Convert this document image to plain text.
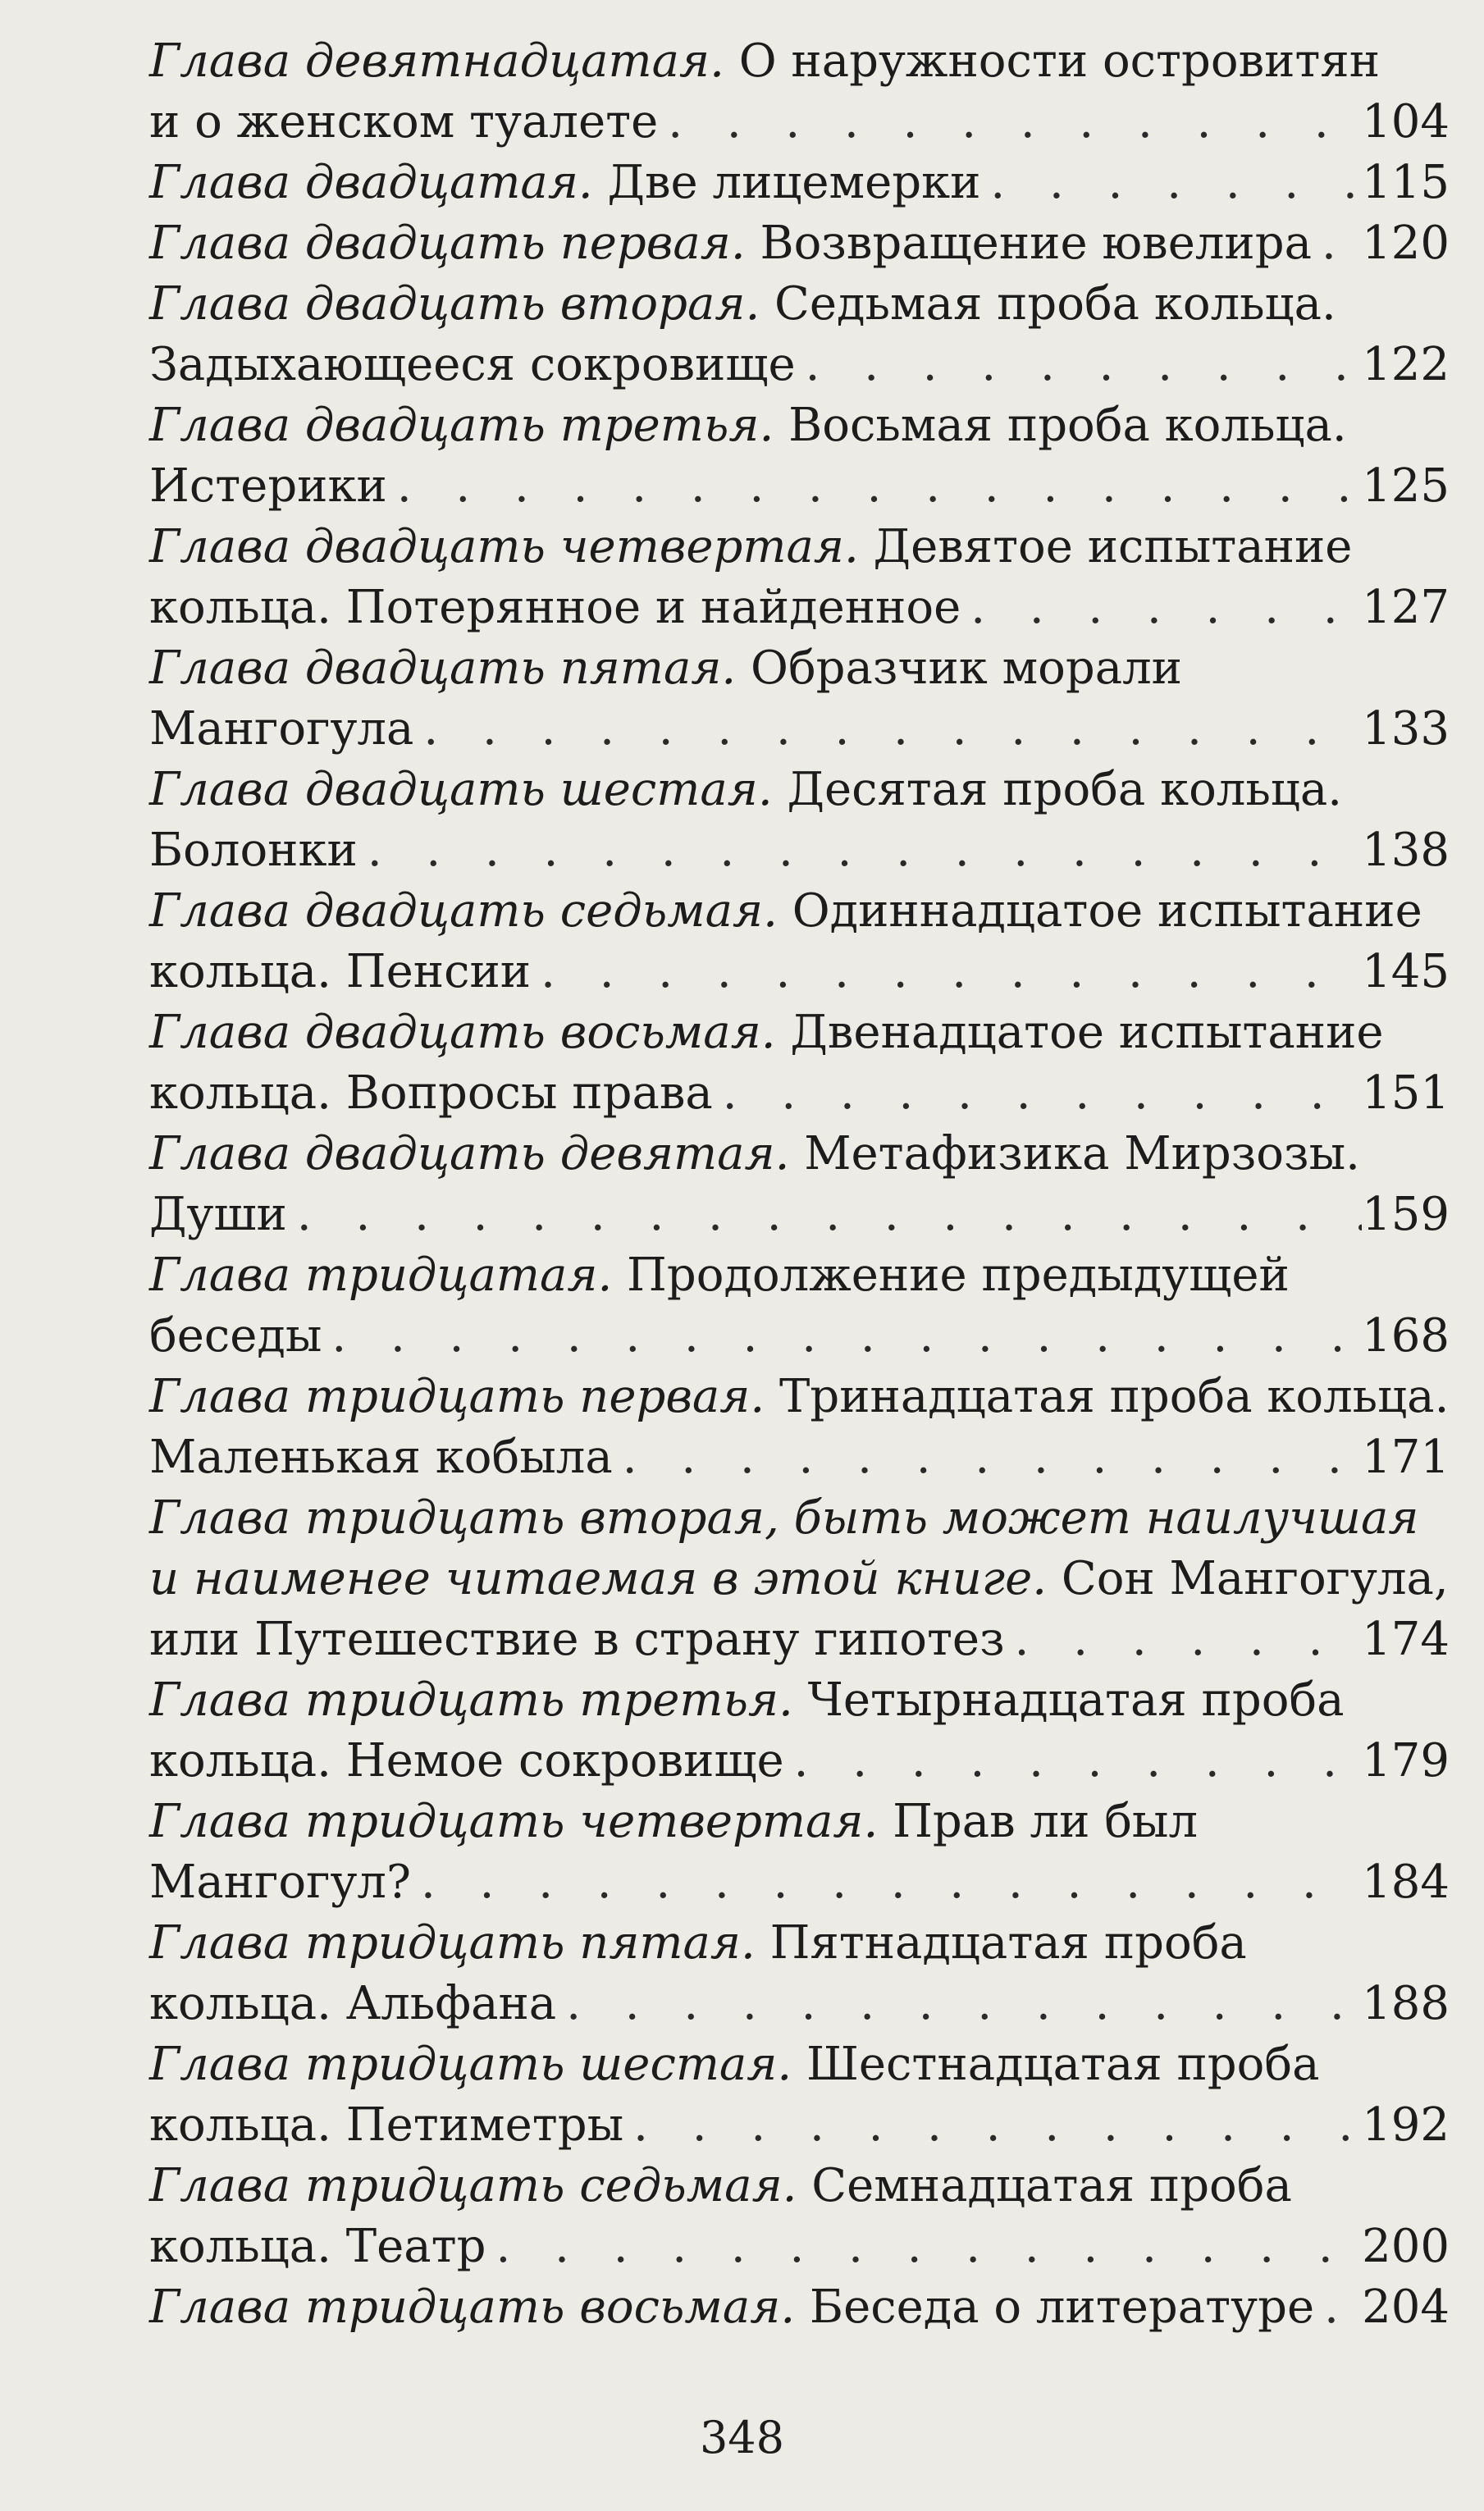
Глава девятнадцатая. О наружности островитян
и о женском туалете . . .	104
Глава двадцатая. Две лицемерки . . .	115
Глава двадцать первая. Возвращение ювелира . . . 120
Глава двадцать вторая. Седьмая проба кольца.
Задыхающееся сокровище . . .	122
Глава двадцать третья. Восьмая проба кольца.
Истерики . . .	125
Глава двадцать четвертая. Девятое испытание
кольца. Потерянное и найденное . . .	127
Глава двадцать пятая. Образчик морали
Мангогула . . .	133
Глава двадцать шестая. Десятая проба кольца.
Болонки . . .	138
Глава двадцать седьмая. Одиннадцатое испытание
кольца. Пенсии . . .	145
Глава двадцать восьмая. Двенадцатое испытание
кольца. Вопросы права . . .	151
Глава двадцать девятая. Метафизика Мирзозы.
Души . . .	159
Глава тридцатая. Продолжение предыдущей
беседы . . .	168
Глава тридцать первая. Тринадцатая проба кольца.
Маленькая кобыла . . .	171
Глава тридцать вторая, быть может наилучшая
и наименее читаемая в этой книге. Сон Мангогула,
или Путешествие в страну гипотез . . .	174
Глава тридцать третья. Четырнадцатая проба
кольца. Немое сокровище . . .	179
Глава тридцать четвертая. Прав ли был
Мангогул? . . .	184
Глава тридцать пятая. Пятнадцатая проба
кольца. Альфана . . .	188
Глава тридцать шестая. Шестнадцатая проба
кольца. Петиметры . . .	192
Глава тридцать седьмая. Семнадцатая проба
кольца. Театр . . .	200
Глава тридцать восьмая. Беседа о литературе . . . 204
348
